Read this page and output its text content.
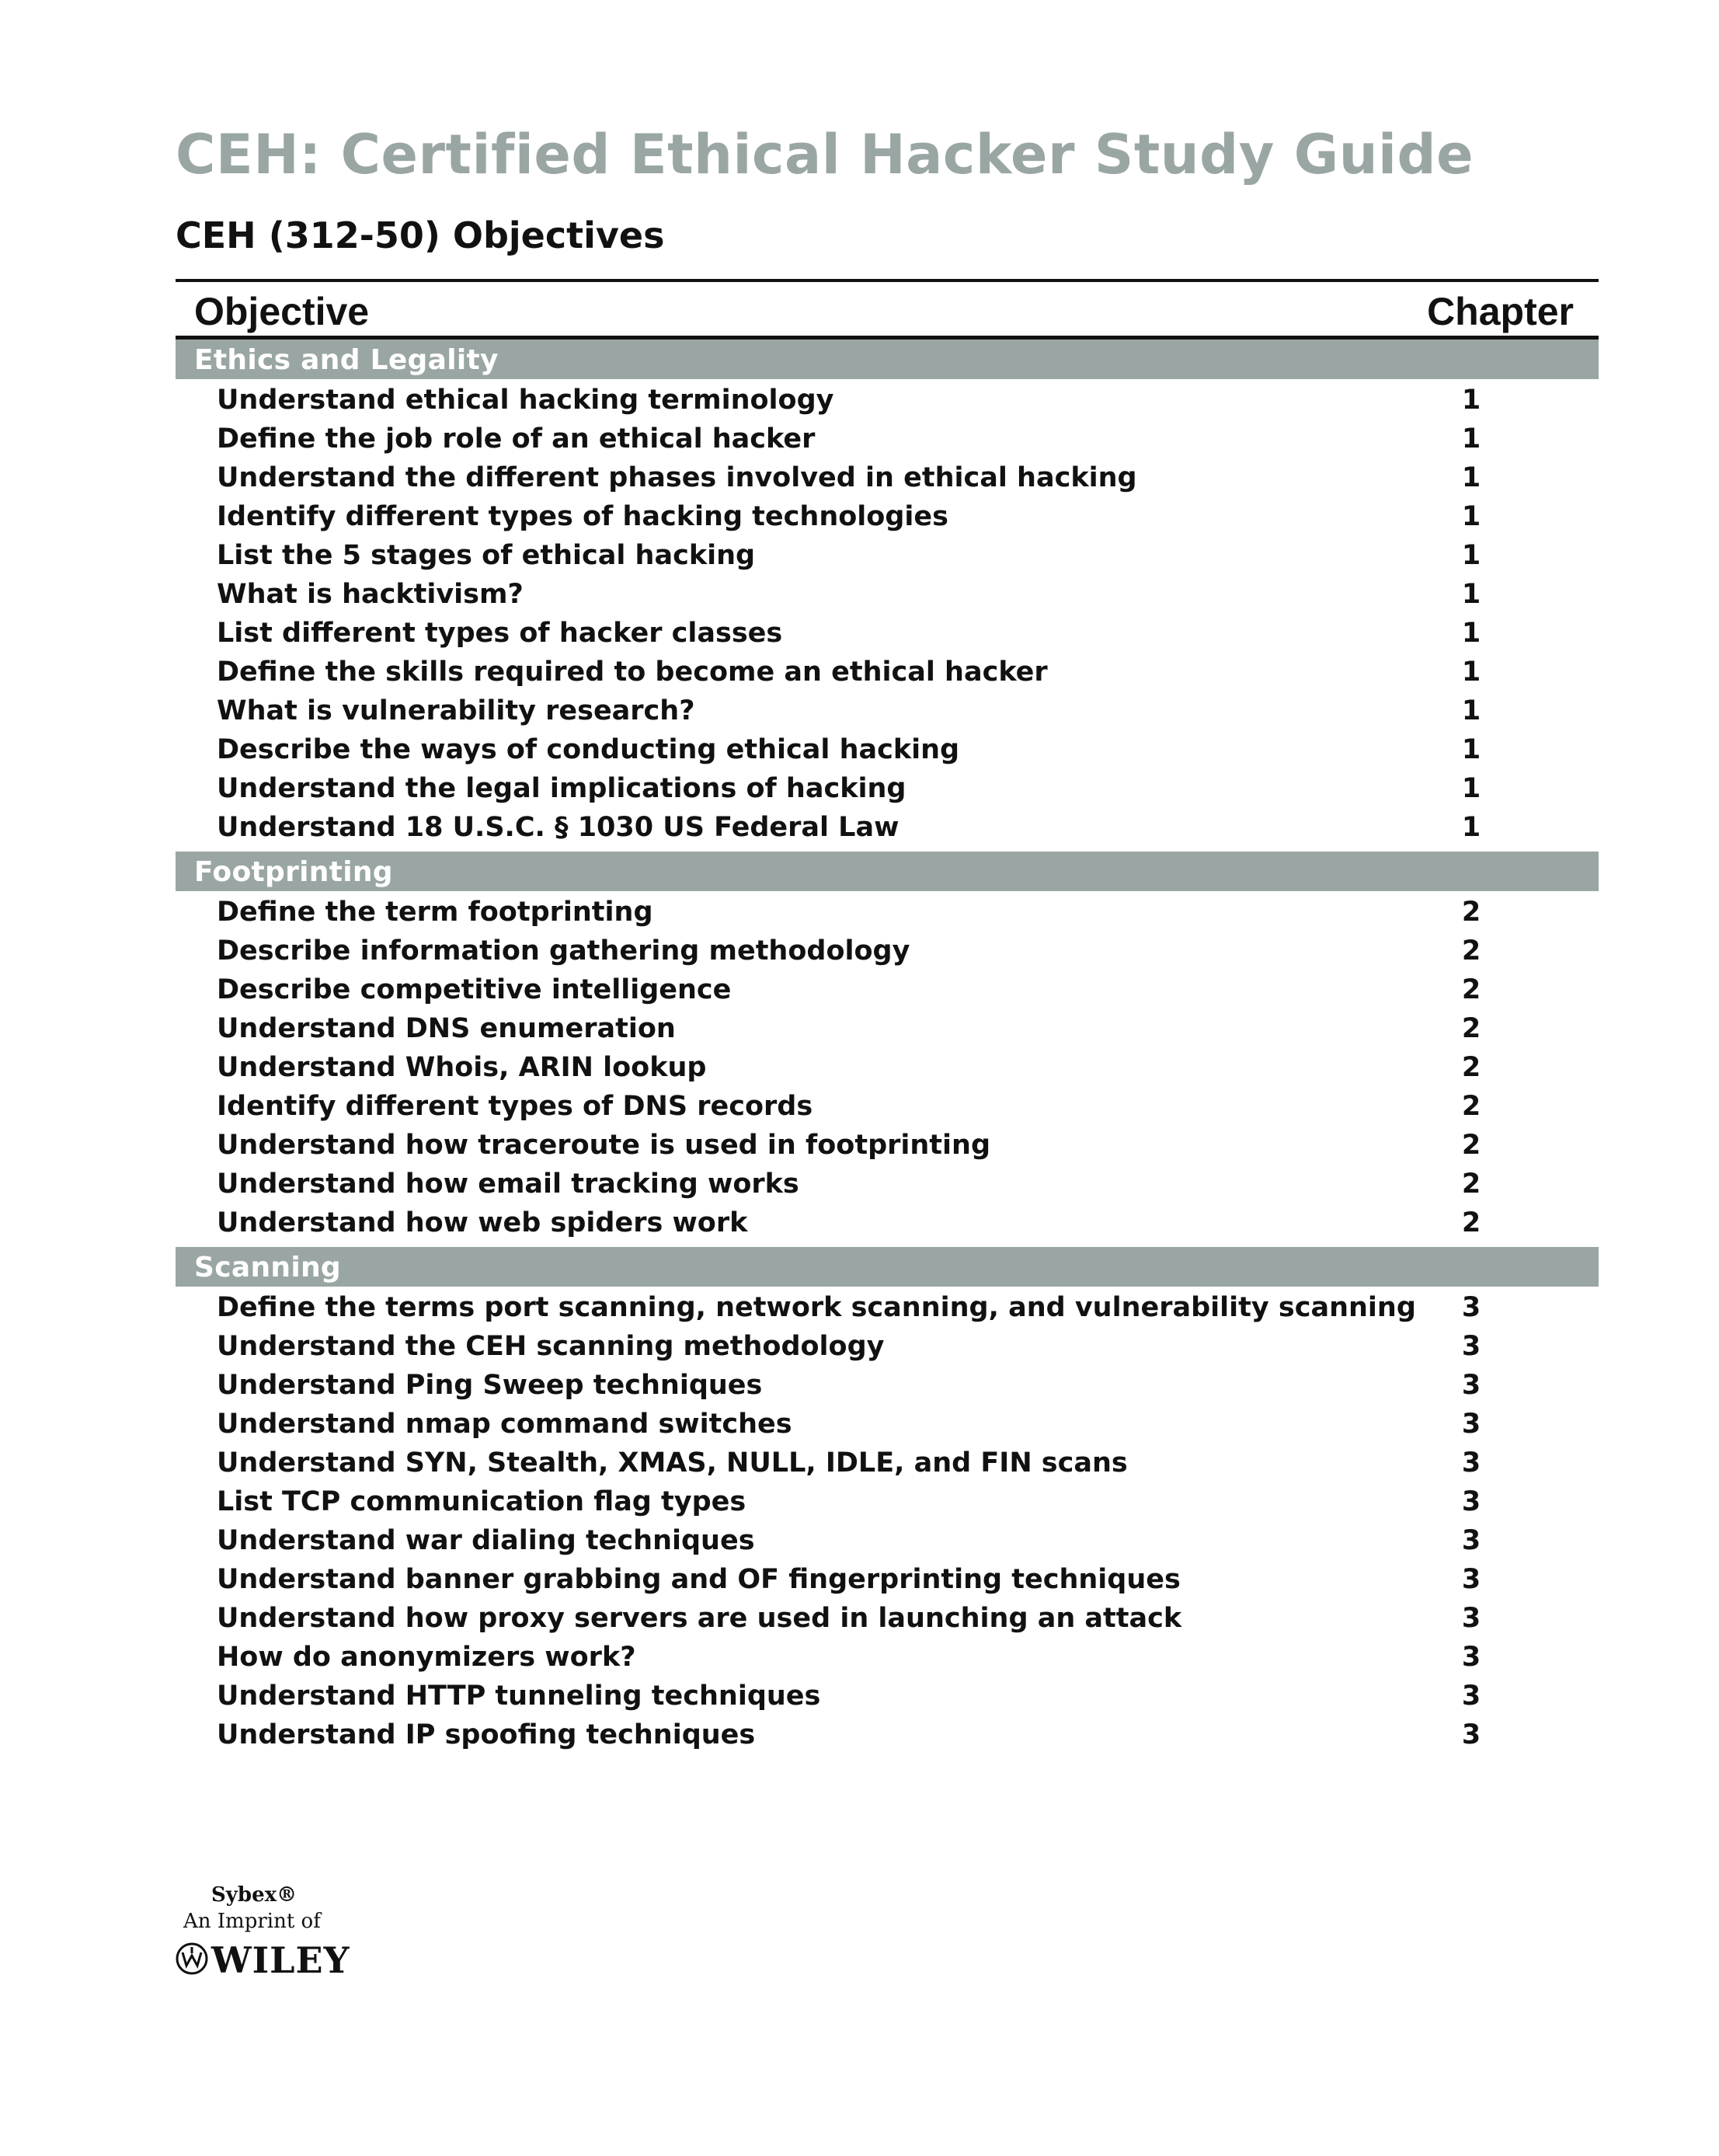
CEH: Certified Ethical Hacker Study Guide
CEH (312-50) Objectives
Objective	Chapter
Ethics and Legality
Understand ethical hacking terminology	1
Define the job role of an ethical hacker	1
Understand the different phases involved in ethical hacking	1
Identify different types of hacking technologies	1
List the 5 stages of ethical hacking	1
What is hacktivism?	1
List different types of hacker classes	1
Define the skills required to become an ethical hacker	1
What is vulnerability research?	1
Describe the ways of conducting ethical hacking	1
Understand the legal implications of hacking	1
Understand 18 U.S.C. § 1030 US Federal Law	1
Footprinting
Define the term footprinting	2
Describe information gathering methodology	2
Describe competitive intelligence	2
Understand DNS enumeration	2
Understand Whois, ARIN lookup	2
Identify different types of DNS records	2
Understand how traceroute is used in footprinting	2
Understand how email tracking works	2
Understand how web spiders work	2
Scanning
Define the terms port scanning, network scanning, and vulnerability scanning	3
Understand the CEH scanning methodology	3
Understand Ping Sweep techniques	3
Understand nmap command switches	3
Understand SYN, Stealth, XMAS, NULL, IDLE, and FIN scans	3
List TCP communication flag types	3
Understand war dialing techniques	3
Understand banner grabbing and OF fingerprinting techniques	3
Understand how proxy servers are used in launching an attack	3
How do anonymizers work?	3
Understand HTTP tunneling techniques	3
Understand IP spoofing techniques	3
Sybex®
An Imprint of
WILEY
